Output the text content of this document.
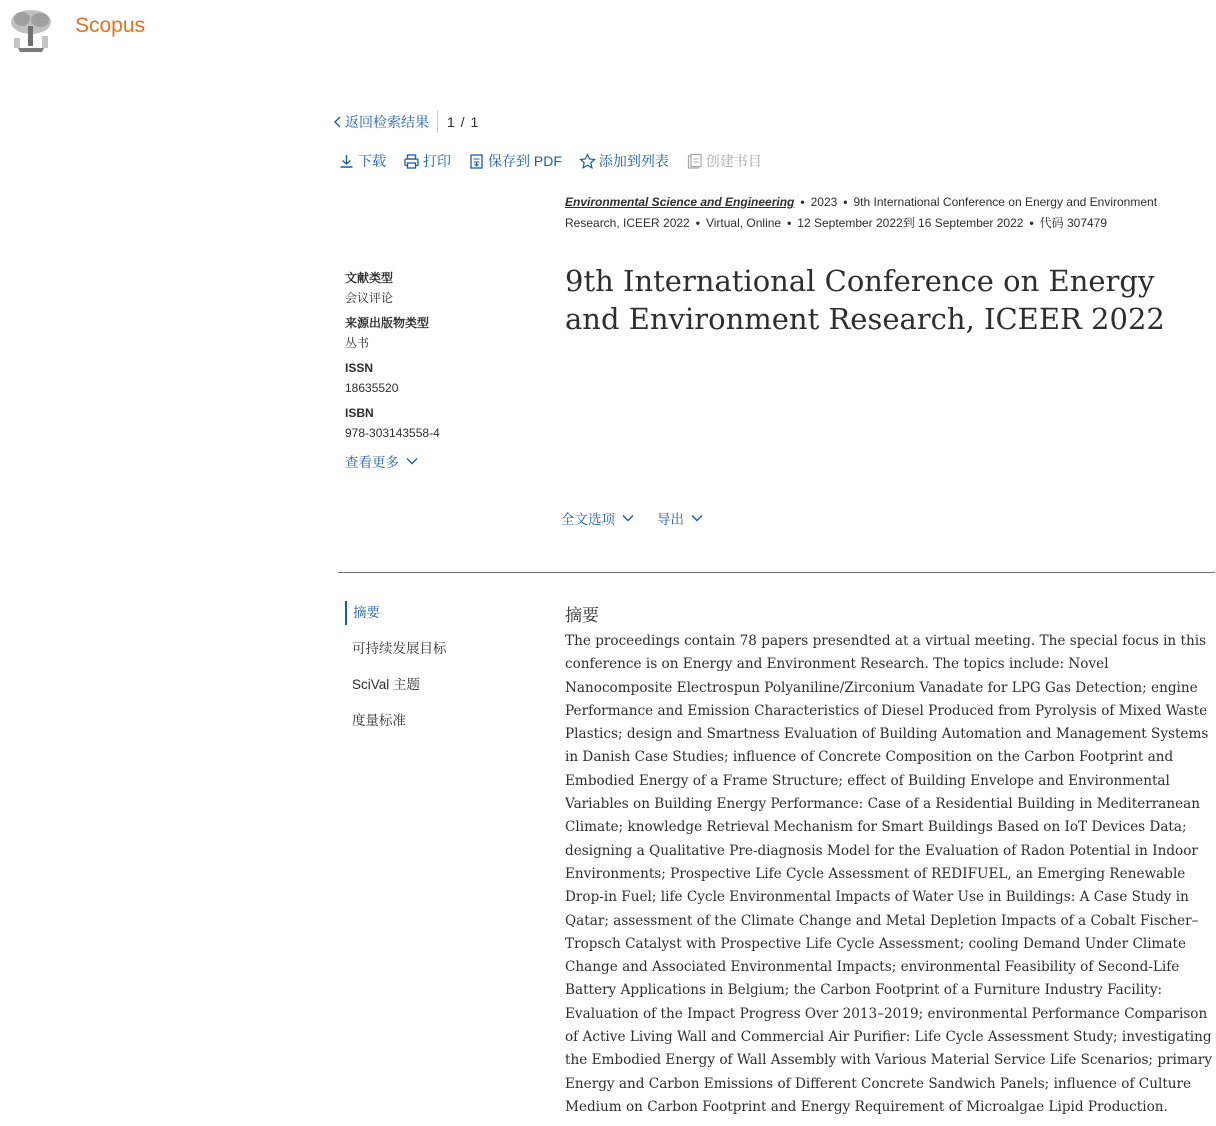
Scopus
返回检索结果 1 / 1
下载	打印	保存到 PDF	添加到列表	创建书目
Environmental Science and Engineering • 2023 • 9th International Conference on Energy and Environment Research, ICEER 2022 • Virtual, Online • 12 September 2022到 16 September 2022 • 代码 307479
9th International Conference on Energy and Environment Research, ICEER 2022
文献类型
会议评论
来源出版物类型
丛书
ISSN
18635520
ISBN
978-303143558-4
查看更多
全文选项	导出
摘要
可持续发展目标
SciVal 主题
度量标准
摘要

The proceedings contain 78 papers presendted at a virtual meeting. The special focus in this conference is on Energy and Environment Research. The topics include: Novel Nanocomposite Electrospun Polyaniline/Zirconium Vanadate for LPG Gas Detection; engine Performance and Emission Characteristics of Diesel Produced from Pyrolysis of Mixed Waste Plastics; design and Smartness Evaluation of Building Automation and Management Systems in Danish Case Studies; influence of Concrete Composition on the Carbon Footprint and Embodied Energy of a Frame Structure; effect of Building Envelope and Environmental Variables on Building Energy Performance: Case of a Residential Building in Mediterranean Climate; knowledge Retrieval Mechanism for Smart Buildings Based on IoT Devices Data; designing a Qualitative Pre-diagnosis Model for the Evaluation of Radon Potential in Indoor Environments; Prospective Life Cycle Assessment of REDIFUEL, an Emerging Renewable Drop-in Fuel; life Cycle Environmental Impacts of Water Use in Buildings: A Case Study in Qatar; assessment of the Climate Change and Metal Depletion Impacts of a Cobalt Fischer–Tropsch Catalyst with Prospective Life Cycle Assessment; cooling Demand Under Climate Change and Associated Environmental Impacts; environmental Feasibility of Second-Life Battery Applications in Belgium; the Carbon Footprint of a Furniture Industry Facility: Evaluation of the Impact Progress Over 2013–2019; environmental Performance Comparison of Active Living Wall and Commercial Air Purifier: Life Cycle Assessment Study; investigating the Embodied Energy of Wall Assembly with Various Material Service Life Scenarios; primary Energy and Carbon Emissions of Different Concrete Sandwich Panels; influence of Culture Medium on Carbon Footprint and Energy Requirement of Microalgae Lipid Production.
